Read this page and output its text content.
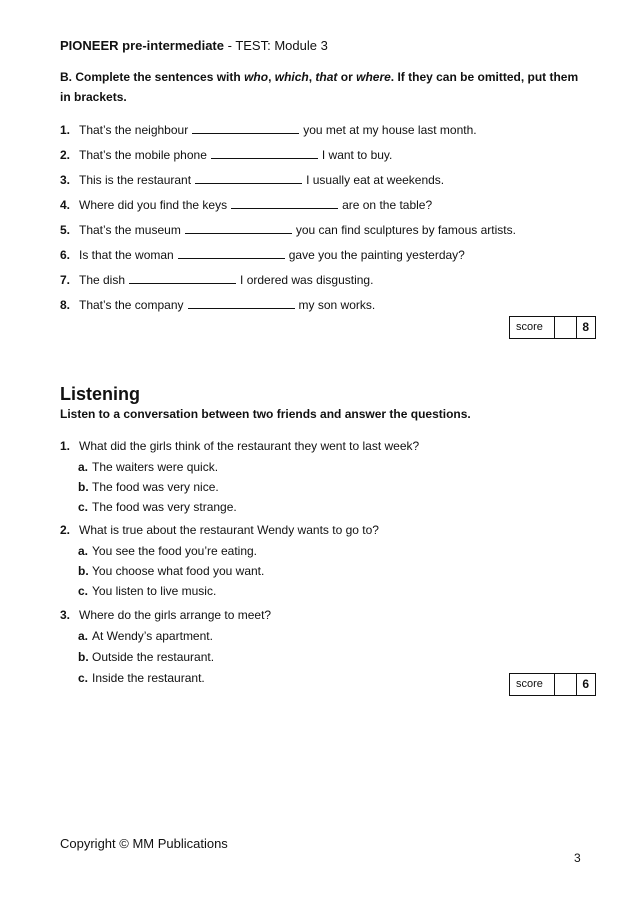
PIONEER pre-intermediate - TEST: Module 3
B. Complete the sentences with who, which, that or where. If they can be omitted, put them in brackets.
1. That’s the neighbour	you met at my house last month.
2. That’s the mobile phone	I want to buy.
3. This is the restaurant	I usually eat at weekends.
4. Where did you find the keys	are on the table?
5. That’s the museum	you can find sculptures by famous artists.
6. Is that the woman	gave you the painting yesterday?
7. The dish	I ordered was disgusting.
8. That’s the company	my son works.
score	8
Listening
Listen to a conversation between two friends and answer the questions.
1. What did the girls think of the restaurant they went to last week?
a. The waiters were quick.
b. The food was very nice.
c. The food was very strange.
2. What is true about the restaurant Wendy wants to go to?
a. You see the food you’re eating.
b. You choose what food you want.
c. You listen to live music.
3. Where do the girls arrange to meet?
a. At Wendy’s apartment.
b. Outside the restaurant.
c. Inside the restaurant.	score	6
Copyright © MM Publications
3
